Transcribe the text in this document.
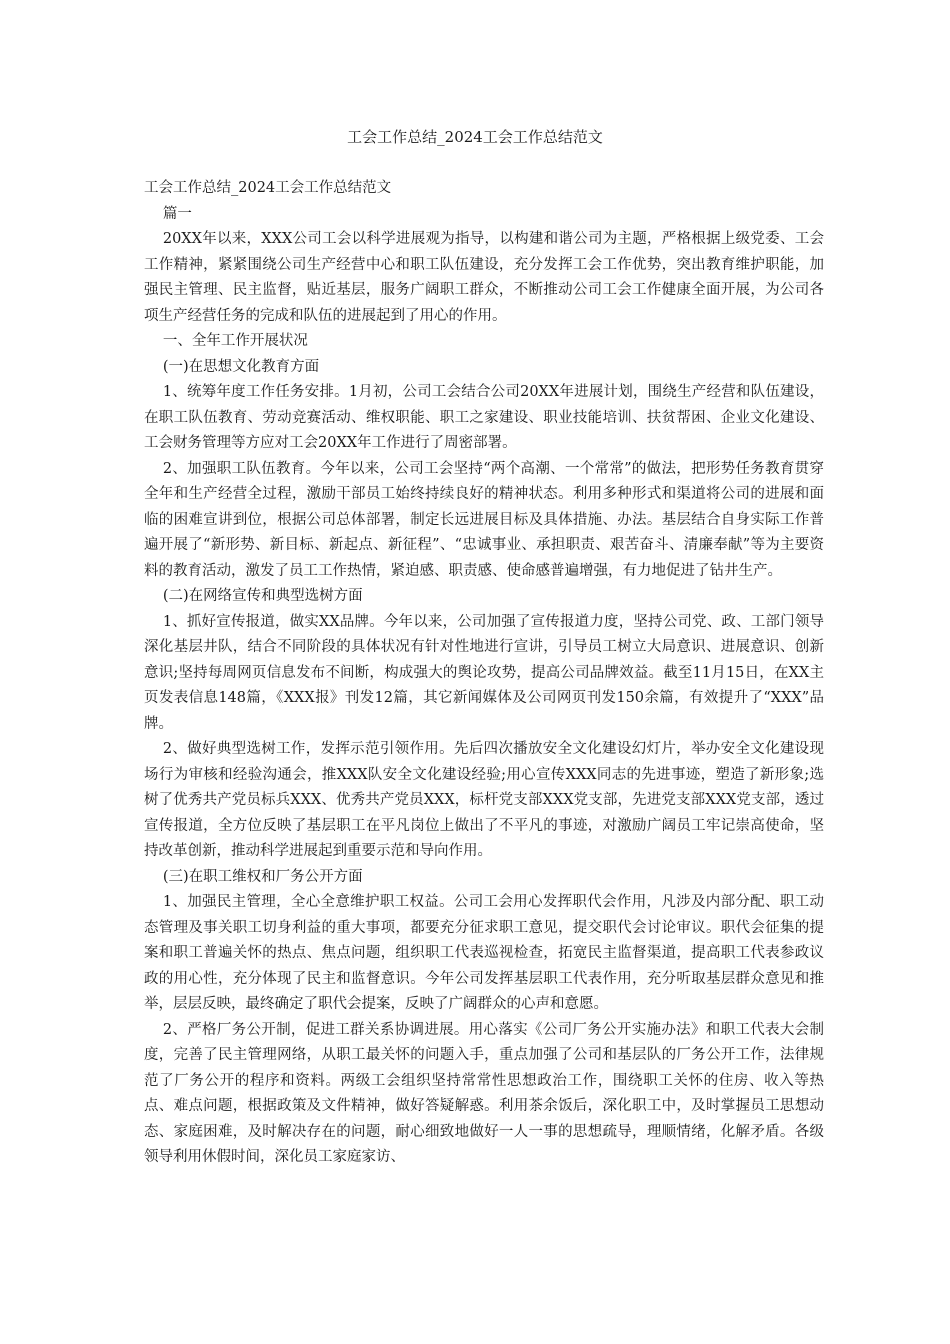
工会工作总结_2024工会工作总结范文

工会工作总结_2024工会工作总结范文

篇一

20XX年以来，XXX公司工会以科学进展观为指导，以构建和谐公司为主题，严格根据上级党委、工会工作精神，紧紧围绕公司生产经营中心和职工队伍建设，充分发挥工会工作优势，突出教育维护职能，加强民主管理、民主监督，贴近基层，服务广阔职工群众，不断推动公司工会工作健康全面开展，为公司各项生产经营任务的完成和队伍的进展起到了用心的作用。

一、全年工作开展状况

(一)在思想文化教育方面

1、统筹年度工作任务安排。1月初，公司工会结合公司20XX年进展计划，围绕生产经营和队伍建设，在职工队伍教育、劳动竞赛活动、维权职能、职工之家建设、职业技能培训、扶贫帮困、企业文化建设、工会财务管理等方应对工会20XX年工作进行了周密部署。

2、加强职工队伍教育。今年以来，公司工会坚持“两个高潮、一个常常”的做法，把形势任务教育贯穿全年和生产经营全过程，激励干部员工始终持续良好的精神状态。利用多种形式和渠道将公司的进展和面临的困难宣讲到位，根据公司总体部署，制定长远进展目标及具体措施、办法。基层结合自身实际工作普遍开展了“新形势、新目标、新起点、新征程”、“忠诚事业、承担职责、艰苦奋斗、清廉奉献”等为主要资料的教育活动，激发了员工工作热情，紧迫感、职责感、使命感普遍增强，有力地促进了钻井生产。

(二)在网络宣传和典型选树方面

1、抓好宣传报道，做实XX品牌。今年以来，公司加强了宣传报道力度，坚持公司党、政、工部门领导深化基层井队，结合不同阶段的具体状况有针对性地进行宣讲，引导员工树立大局意识、进展意识、创新意识;坚持每周网页信息发布不间断，构成强大的舆论攻势，提高公司品牌效益。截至11月15日，在XX主页发表信息148篇，《XXX报》刊发12篇，其它新闻媒体及公司网页刊发150余篇，有效提升了“XXX”品牌。

2、做好典型选树工作，发挥示范引领作用。先后四次播放安全文化建设幻灯片，举办安全文化建设现场行为审核和经验沟通会，推XXX队安全文化建设经验;用心宣传XXX同志的先进事迹，塑造了新形象;选树了优秀共产党员标兵XXX、优秀共产党员XXX，标杆党支部XXX党支部，先进党支部XXX党支部，透过宣传报道，全方位反映了基层职工在平凡岗位上做出了不平凡的事迹，对激励广阔员工牢记崇高使命，坚持改革创新，推动科学进展起到重要示范和导向作用。

(三)在职工维权和厂务公开方面

1、加强民主管理，全心全意维护职工权益。公司工会用心发挥职代会作用，凡涉及内部分配、职工动态管理及事关职工切身利益的重大事项，都要充分征求职工意见，提交职代会讨论审议。职代会征集的提案和职工普遍关怀的热点、焦点问题，组织职工代表巡视检查，拓宽民主监督渠道，提高职工代表参政议政的用心性，充分体现了民主和监督意识。今年公司发挥基层职工代表作用，充分听取基层群众意见和推举，层层反映，最终确定了职代会提案，反映了广阔群众的心声和意愿。

2、严格厂务公开制，促进工群关系协调进展。用心落实《公司厂务公开实施办法》和职工代表大会制度，完善了民主管理网络，从职工最关怀的问题入手，重点加强了公司和基层队的厂务公开工作，法律规范了厂务公开的程序和资料。两级工会组织坚持常常性思想政治工作，围绕职工关怀的住房、收入等热点、难点问题，根据政策及文件精神，做好答疑解惑。利用茶余饭后，深化职工中，及时掌握员工思想动态、家庭困难，及时解决存在的问题，耐心细致地做好一人一事的思想疏导，理顺情绪，化解矛盾。各级领导利用休假时间，深化员工家庭家访、
